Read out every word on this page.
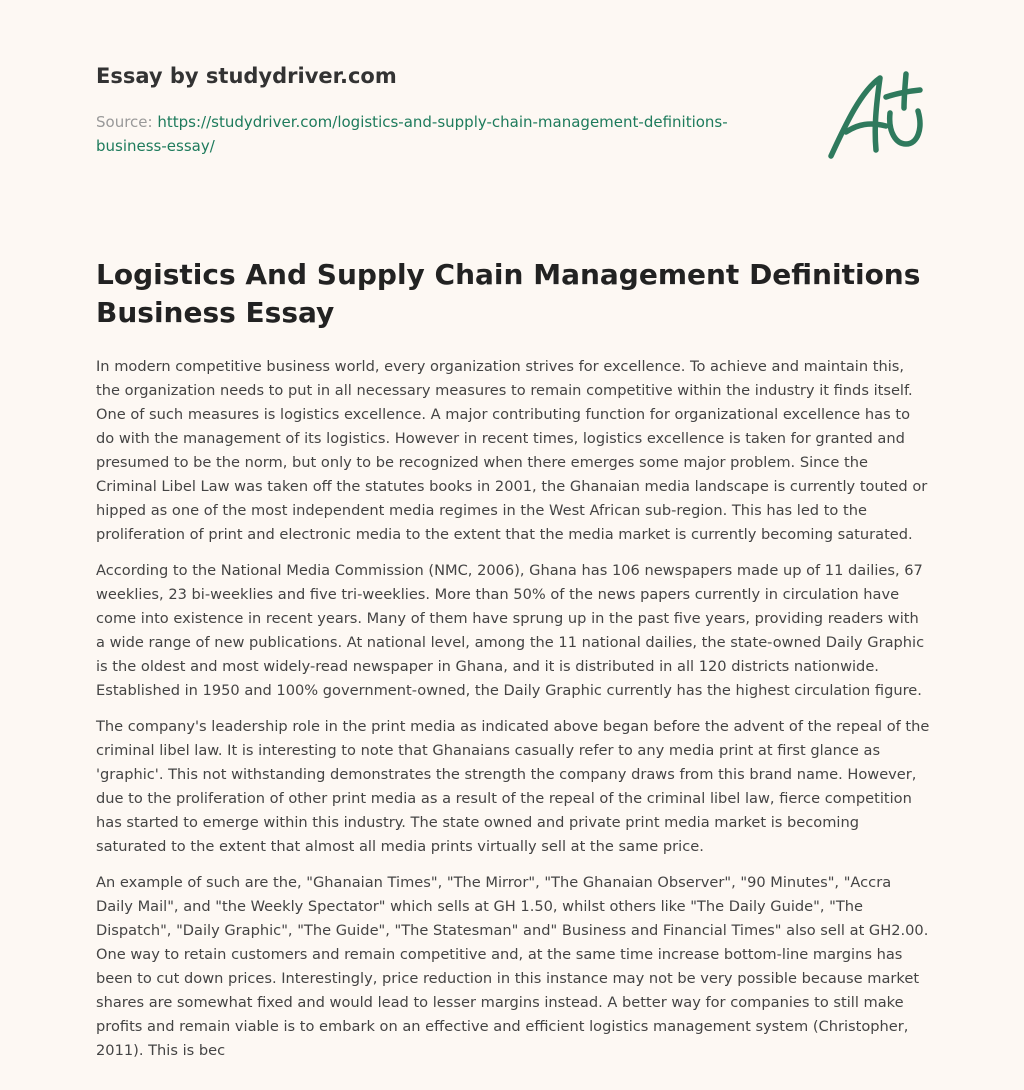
Essay by studydriver.com
Source: https://studydriver.com/logistics-and-supply-chain-management-definitions-business-essay/
Logistics And Supply Chain Management Definitions Business Essay

In modern competitive business world, every organization strives for excellence. To achieve and maintain this, the organization needs to put in all necessary measures to remain competitive within the industry it finds itself. One of such measures is logistics excellence. A major contributing function for organizational excellence has to do with the management of its logistics. However in recent times, logistics excellence is taken for granted and presumed to be the norm, but only to be recognized when there emerges some major problem. Since the Criminal Libel Law was taken off the statutes books in 2001, the Ghanaian media landscape is currently touted or hipped as one of the most independent media regimes in the West African sub-region. This has led to the proliferation of print and electronic media to the extent that the media market is currently becoming saturated.

According to the National Media Commission (NMC, 2006), Ghana has 106 newspapers made up of 11 dailies, 67 weeklies, 23 bi-weeklies and five tri-weeklies. More than 50% of the news papers currently in circulation have come into existence in recent years. Many of them have sprung up in the past five years, providing readers with a wide range of new publications. At national level, among the 11 national dailies, the state-owned Daily Graphic is the oldest and most widely-read newspaper in Ghana, and it is distributed in all 120 districts nationwide. Established in 1950 and 100% government-owned, the Daily Graphic currently has the highest circulation figure.

The company's leadership role in the print media as indicated above began before the advent of the repeal of the criminal libel law. It is interesting to note that Ghanaians casually refer to any media print at first glance as 'graphic'. This not withstanding demonstrates the strength the company draws from this brand name. However, due to the proliferation of other print media as a result of the repeal of the criminal libel law, fierce competition has started to emerge within this industry. The state owned and private print media market is becoming saturated to the extent that almost all media prints virtually sell at the same price.

An example of such are the, "Ghanaian Times", "The Mirror", "The Ghanaian Observer", "90 Minutes", "Accra Daily Mail", and "the Weekly Spectator" which sells at GH 1.50, whilst others like "The Daily Guide", "The Dispatch", "Daily Graphic", "The Guide", "The Statesman" and" Business and Financial Times" also sell at GH2.00. One way to retain customers and remain competitive and, at the same time increase bottom-line margins has been to cut down prices. Interestingly, price reduction in this instance may not be very possible because market shares are somewhat fixed and would lead to lesser margins instead. A better way for companies to still make profits and remain viable is to embark on an effective and efficient logistics management system (Christopher, 2011). This is bec
